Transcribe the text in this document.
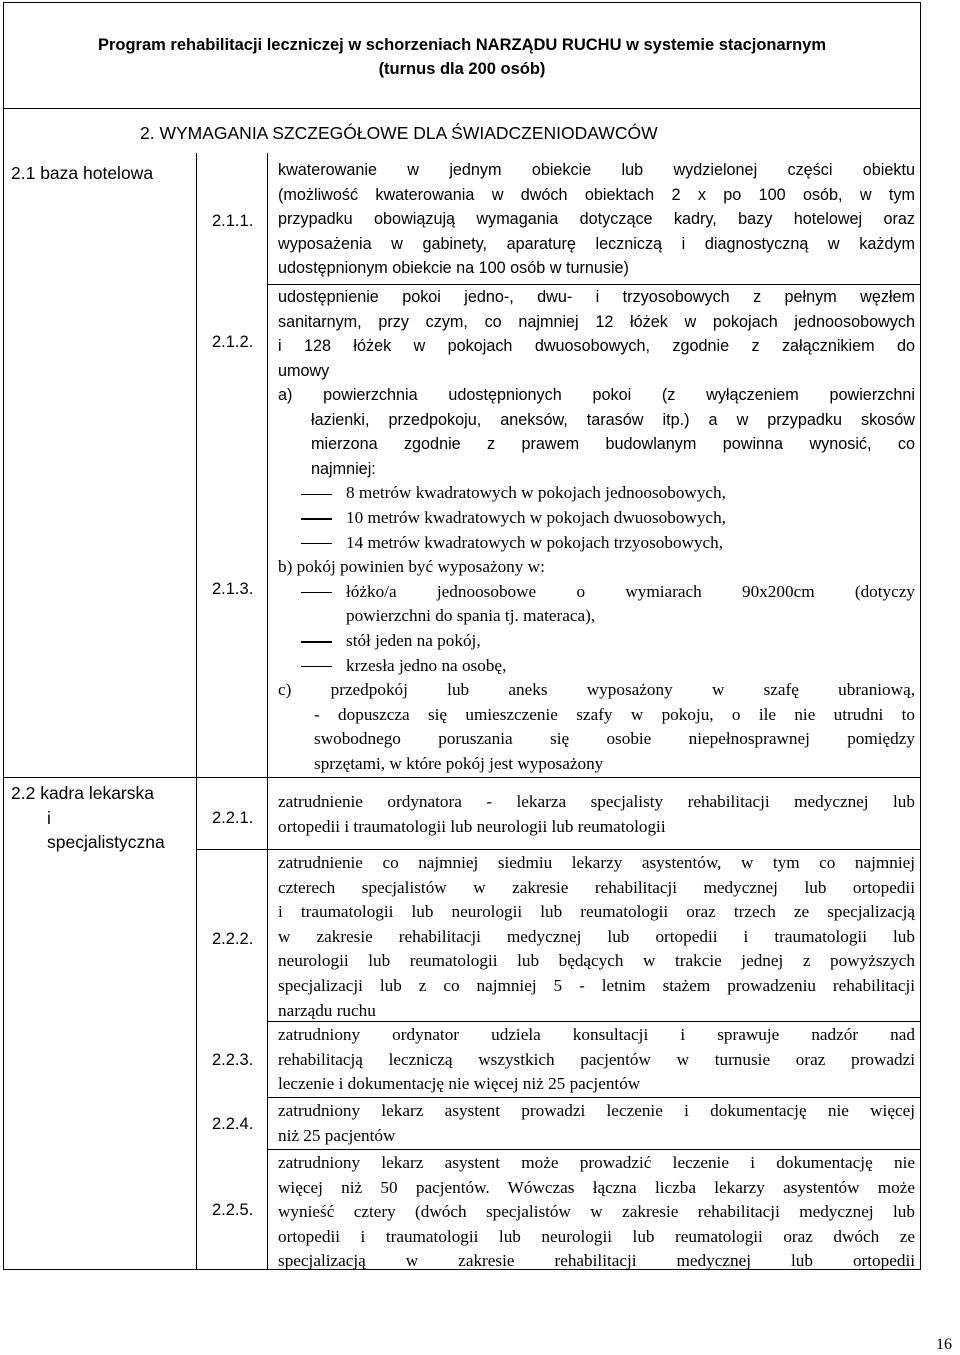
Program rehabilitacji leczniczej w schorzeniach NARZĄDU RUCHU w systemie stacjonarnym
(turnus dla 200 osób)
2. WYMAGANIA SZCZEGÓŁOWE DLA ŚWIADCZENIODAWCÓW
2.1 baza hotelowa
2.2 kadra lekarska
i
specjalistyczna
2.1.1.
2.1.2.
2.1.3.
2.2.1.
2.2.2.
2.2.3.
2.2.4.
2.2.5.
kwaterowanie w jednym obiekcie lub wydzielonej części obiektu
(możliwość kwaterowania w dwóch obiektach 2 x po 100 osób, w tym
przypadku obowiązują wymagania dotyczące kadry, bazy hotelowej oraz
wyposażenia w gabinety, aparaturę leczniczą i diagnostyczną w każdym
udostępnionym obiekcie na 100 osób w turnusie)
udostępnienie pokoi jedno-, dwu- i trzyosobowych z pełnym węzłem
sanitarnym, przy czym, co najmniej 12 łóżek w pokojach jednoosobowych
i 128 łóżek w pokojach dwuosobowych, zgodnie z załącznikiem do
umowy
a) powierzchnia udostępnionych pokoi (z wyłączeniem powierzchni
łazienki, przedpokoju, aneksów, tarasów itp.) a w przypadku skosów
mierzona zgodnie z prawem budowlanym powinna wynosić, co
najmniej:
8 metrów kwadratowych w pokojach jednoosobowych,
10 metrów kwadratowych w pokojach dwuosobowych,
14 metrów kwadratowych w pokojach trzyosobowych,
b) pokój powinien być wyposażony w:
łóżko/a jednoosobowe o wymiarach 90x200cm (dotyczy
powierzchni do spania tj. materaca),
stół jeden na pokój,
krzesła jedno na osobę,
c) przedpokój lub aneks wyposażony w szafę ubraniową,
- dopuszcza się umieszczenie szafy w pokoju, o ile nie utrudni to
swobodnego poruszania się osobie niepełnosprawnej pomiędzy
sprzętami, w które pokój jest wyposażony
zatrudnienie ordynatora - lekarza specjalisty rehabilitacji medycznej lub
ortopedii i traumatologii lub neurologii lub reumatologii
zatrudnienie co najmniej siedmiu lekarzy asystentów, w tym co najmniej
czterech specjalistów w zakresie rehabilitacji medycznej lub ortopedii
i traumatologii lub neurologii lub reumatologii oraz trzech ze specjalizacją
w zakresie rehabilitacji medycznej lub ortopedii i traumatologii lub
neurologii lub reumatologii lub będących w trakcie jednej z powyższych
specjalizacji lub z co najmniej 5 - letnim stażem prowadzeniu rehabilitacji
narządu ruchu
zatrudniony ordynator udziela konsultacji i sprawuje nadzór nad
rehabilitacją leczniczą wszystkich pacjentów w turnusie oraz prowadzi
leczenie i dokumentację nie więcej niż 25 pacjentów
zatrudniony lekarz asystent prowadzi leczenie i dokumentację nie więcej
niż 25 pacjentów
zatrudniony lekarz asystent może prowadzić leczenie i dokumentację nie
więcej niż 50 pacjentów. Wówczas łączna liczba lekarzy asystentów może
wynieść cztery (dwóch specjalistów w zakresie rehabilitacji medycznej lub
ortopedii i traumatologii lub neurologii lub reumatologii oraz dwóch ze
specjalizacją w zakresie rehabilitacji medycznej lub ortopedii
16
